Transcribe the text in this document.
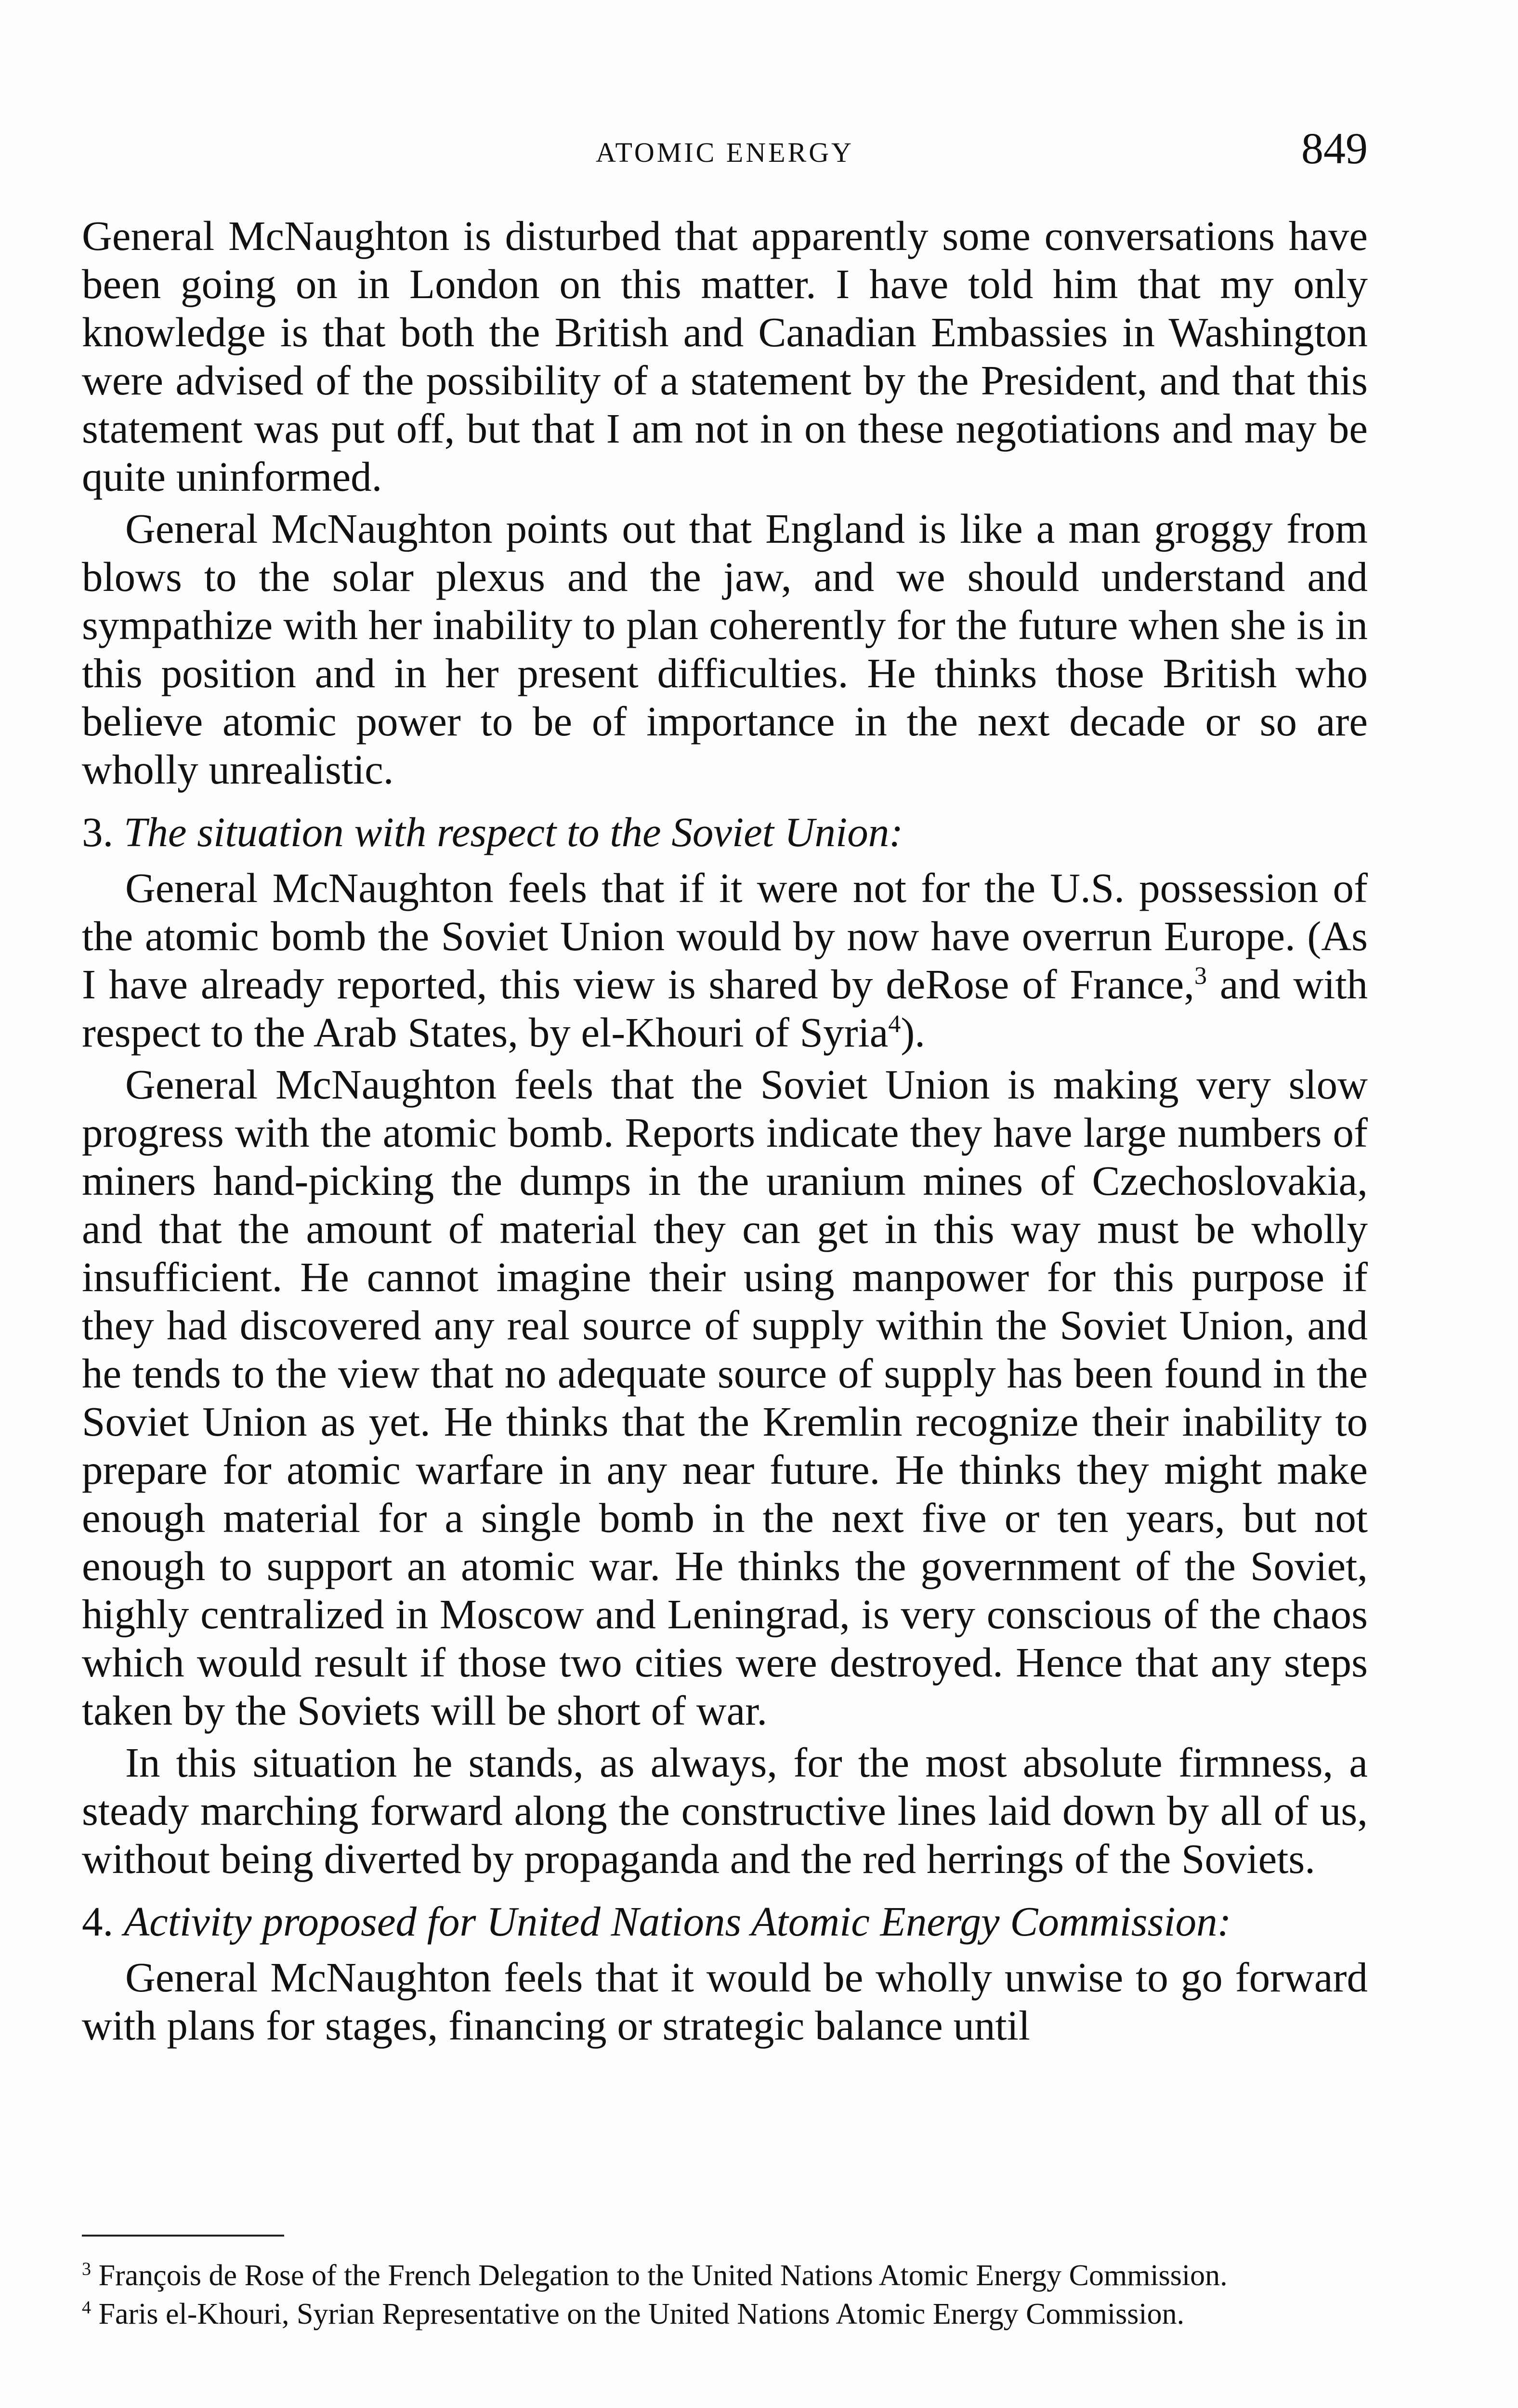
ATOMIC ENERGY	849

General McNaughton is disturbed that apparently some conversations have been going on in London on this matter. I have told him that my only knowledge is that both the British and Canadian Embassies in Washington were advised of the possibility of a statement by the President, and that this statement was put off, but that I am not in on these negotiations and may be quite uninformed.

General McNaughton points out that England is like a man groggy from blows to the solar plexus and the jaw, and we should understand and sympathize with her inability to plan coherently for the future when she is in this position and in her present difficulties. He thinks those British who believe atomic power to be of importance in the next decade or so are wholly unrealistic.

3. The situation with respect to the Soviet Union:

General McNaughton feels that if it were not for the U.S. possession of the atomic bomb the Soviet Union would by now have overrun Europe. (As I have already reported, this view is shared by deRose of France,$^3$ and with respect to the Arab States, by el-Khouri of Syria$^4$).

General McNaughton feels that the Soviet Union is making very slow progress with the atomic bomb. Reports indicate they have large numbers of miners hand-picking the dumps in the uranium mines of Czechoslovakia, and that the amount of material they can get in this way must be wholly insufficient. He cannot imagine their using manpower for this purpose if they had discovered any real source of supply within the Soviet Union, and he tends to the view that no adequate source of supply has been found in the Soviet Union as yet. He thinks that the Kremlin recognize their inability to prepare for atomic warfare in any near future. He thinks they might make enough material for a single bomb in the next five or ten years, but not enough to support an atomic war. He thinks the government of the Soviet, highly centralized in Moscow and Leningrad, is very conscious of the chaos which would result if those two cities were destroyed. Hence that any steps taken by the Soviets will be short of war.

In this situation he stands, as always, for the most absolute firmness, a steady marching forward along the constructive lines laid down by all of us, without being diverted by propaganda and the red herrings of the Soviets.

4. Activity proposed for United Nations Atomic Energy Commission:

General McNaughton feels that it would be wholly unwise to go forward with plans for stages, financing or strategic balance until

$^3$ François de Rose of the French Delegation to the United Nations Atomic Energy Commission.

$^4$ Faris el-Khouri, Syrian Representative on the United Nations Atomic Energy Commission.
